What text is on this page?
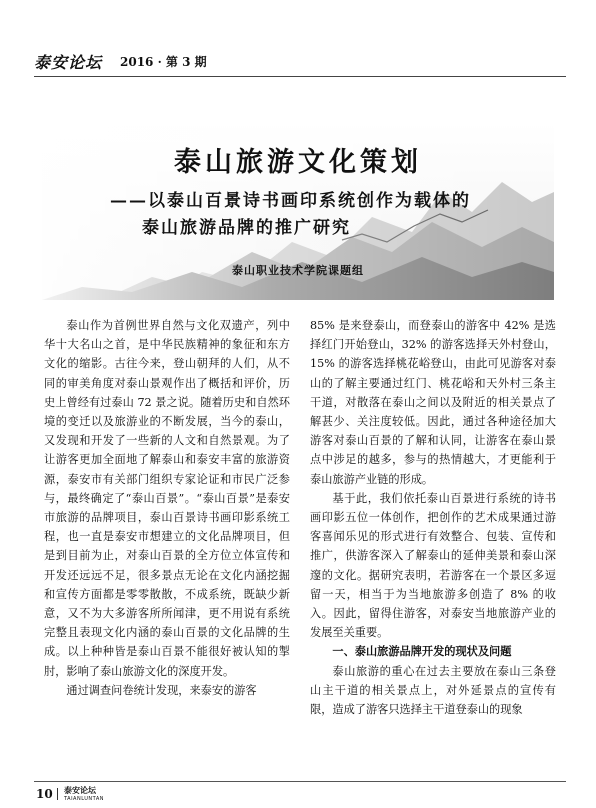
泰安论坛 2016 · 第 3 期
泰山旅游文化策划
——以泰山百景诗书画印系统创作为载体的
泰山旅游品牌的推广研究
泰山职业技术学院课题组

泰山作为首例世界自然与文化双遗产，列中华十大名山之首，是中华民族精神的象征和东方文化的缩影。古往今来，登山朝拜的人们，从不同的审美角度对泰山景观作出了概括和评价，历史上曾经有过泰山 72 景之说。随着历史和自然环境的变迁以及旅游业的不断发展，当今的泰山，又发现和开发了一些新的人文和自然景观。为了让游客更加全面地了解泰山和泰安丰富的旅游资源，泰安市有关部门组织专家论证和市民广泛参与，最终确定了“泰山百景”。“泰山百景”是泰安市旅游的品牌项目，泰山百景诗书画印影系统工程，也一直是泰安市想建立的文化品牌项目，但是到目前为止，对泰山百景的全方位立体宣传和开发还远远不足，很多景点无论在文化内涵挖掘和宣传方面都是零零散散，不成系统，既缺少新意，又不为大多游客所所闻津，更不用说有系统完整且表现文化内涵的泰山百景的文化品牌的生成。以上种种皆是泰山百景不能很好被认知的掣肘，影响了泰山旅游文化的深度开发。

通过调查问卷统计发现，来泰安的游客

85% 是来登泰山，而登泰山的游客中 42% 是选择红门开始登山，32% 的游客选择天外村登山，15% 的游客选择桃花峪登山，由此可见游客对泰山的了解主要通过红门、桃花峪和天外村三条主干道，对散落在泰山之间以及附近的相关景点了解甚少、关注度较低。因此，通过各种途径加大游客对泰山百景的了解和认同，让游客在泰山景点中涉足的越多，参与的热情越大，才更能利于泰山旅游产业链的形成。

基于此，我们依托泰山百景进行系统的诗书画印影五位一体创作，把创作的艺术成果通过游客喜闻乐见的形式进行有效整合、包装、宣传和推广，供游客深入了解泰山的延伸美景和泰山深邃的文化。据研究表明，若游客在一个景区多逗留一天，相当于为当地旅游多创造了 8% 的收入。因此，留得住游客，对泰安当地旅游产业的发展至关重要。

一、泰山旅游品牌开发的现状及问题

泰山旅游的重心在过去主要放在泰山三条登山主干道的相关景点上，对外延景点的宣传有限，造成了游客只选择主干道登泰山的现象

10 泰安论坛
TAIANLUNTAN
